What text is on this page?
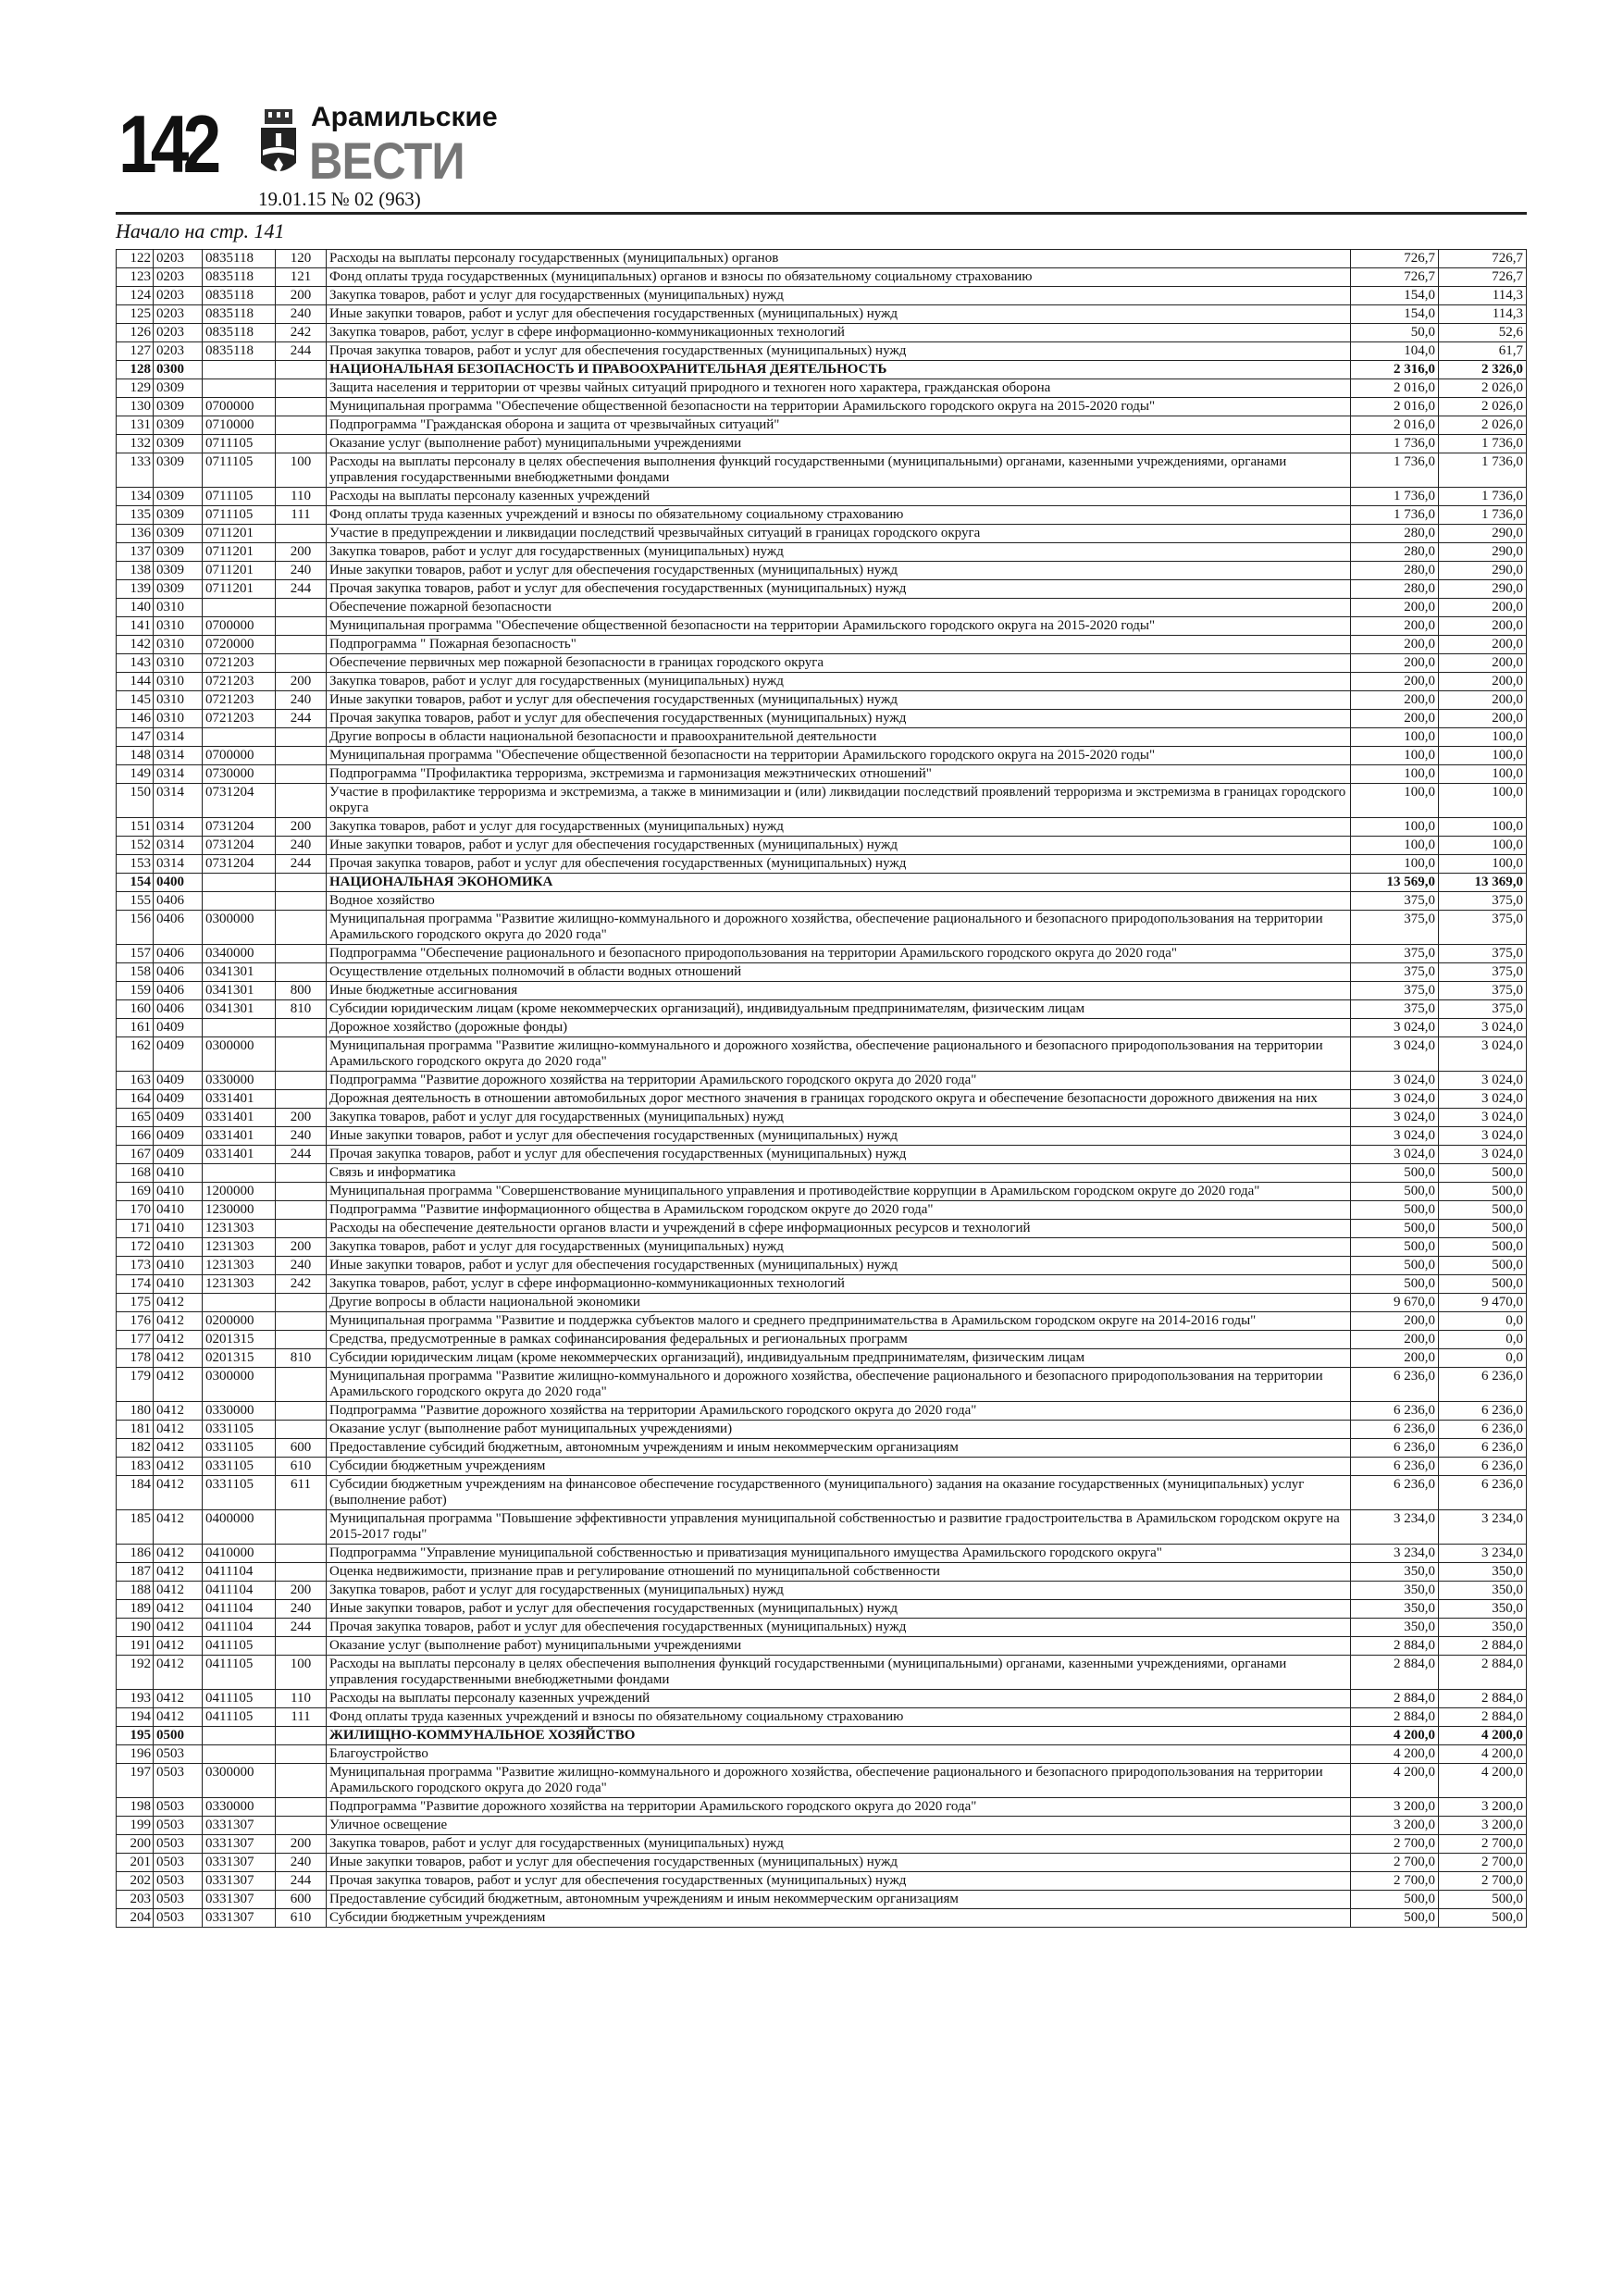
142	Арамильские
ВЕСТИ
19.01.15 № 02 (963)
Начало на стр. 141
122	0203	0835118	120	Расходы на выплаты персоналу государственных (муниципальных) органов	726,7	726,7
123	0203	0835118	121	Фонд оплаты труда государственных (муниципальных) органов и взносы по обязательному социальному страхованию	726,7	726,7
124	0203	0835118	200	Закупка товаров, работ и услуг для государственных (муниципальных) нужд	154,0	114,3
125	0203	0835118	240	Иные закупки товаров, работ и услуг для обеспечения государственных (муниципальных) нужд	154,0	114,3
126	0203	0835118	242	Закупка товаров, работ, услуг в сфере информационно-коммуникационных технологий	50,0	52,6
127	0203	0835118	244	Прочая закупка товаров, работ и услуг для обеспечения государственных (муниципальных) нужд	104,0	61,7
128	0300			НАЦИОНАЛЬНАЯ БЕЗОПАСНОСТЬ И ПРАВООХРАНИТЕЛЬНАЯ ДЕЯТЕЛЬНОСТЬ	2 316,0	2 326,0
129	0309			Защита населения и территории от чрезвы чайных ситуаций природного и техноген ного характера, гражданская оборона	2 016,0	2 026,0
130	0309	0700000		Муниципальная программа "Обеспечение общественной безопасности на территории Арамильского городского округа на 2015-2020 годы"	2 016,0	2 026,0
131	0309	0710000		Подпрограмма "Гражданская оборона и защита от чрезвычайных ситуаций"	2 016,0	2 026,0
132	0309	0711105		Оказание услуг (выполнение работ) муниципальными учреждениями	1 736,0	1 736,0
133	0309	0711105	100	Расходы на выплаты персоналу в целях обеспечения выполнения функций государственными (муниципальными) органами, казенными учреждениями, органами управления государственными внебюджетными фондами	1 736,0	1 736,0
134	0309	0711105	110	Расходы на выплаты персоналу казенных учреждений	1 736,0	1 736,0
135	0309	0711105	111	Фонд оплаты труда казенных учреждений и взносы по обязательному социальному страхованию	1 736,0	1 736,0
136	0309	0711201		Участие в предупреждении и ликвидации последствий чрезвычайных ситуаций в границах городского округа	280,0	290,0
137	0309	0711201	200	Закупка товаров, работ и услуг для государственных (муниципальных) нужд	280,0	290,0
138	0309	0711201	240	Иные закупки товаров, работ и услуг для обеспечения государственных (муниципальных) нужд	280,0	290,0
139	0309	0711201	244	Прочая закупка товаров, работ и услуг для обеспечения государственных (муниципальных) нужд	280,0	290,0
140	0310			Обеспечение пожарной безопасности	200,0	200,0
141	0310	0700000		Муниципальная программа "Обеспечение общественной безопасности на территории Арамильского городского округа на 2015-2020 годы"	200,0	200,0
142	0310	0720000		Подпрограмма " Пожарная безопасность"	200,0	200,0
143	0310	0721203		Обеспечение первичных мер пожарной безопасности в границах городского округа	200,0	200,0
144	0310	0721203	200	Закупка товаров, работ и услуг для государственных (муниципальных) нужд	200,0	200,0
145	0310	0721203	240	Иные закупки товаров, работ и услуг для обеспечения государственных (муниципальных) нужд	200,0	200,0
146	0310	0721203	244	Прочая закупка товаров, работ и услуг для обеспечения государственных (муниципальных) нужд	200,0	200,0
147	0314			Другие вопросы в области национальной безопасности и правоохранительной деятельности	100,0	100,0
148	0314	0700000		Муниципальная программа "Обеспечение общественной безопасности на территории Арамильского городского округа на 2015-2020 годы"	100,0	100,0
149	0314	0730000		Подпрограмма "Профилактика терроризма, экстремизма и гармонизация межэтнических отношений"	100,0	100,0
150	0314	0731204		Участие в профилактике терроризма и экстремизма, а также в минимизации и (или) ликвидации последствий проявлений терроризма и экстремизма в границах городского округа	100,0	100,0
151	0314	0731204	200	Закупка товаров, работ и услуг для государственных (муниципальных) нужд	100,0	100,0
152	0314	0731204	240	Иные закупки товаров, работ и услуг для обеспечения государственных (муниципальных) нужд	100,0	100,0
153	0314	0731204	244	Прочая закупка товаров, работ и услуг для обеспечения государственных (муниципальных) нужд	100,0	100,0
154	0400			НАЦИОНАЛЬНАЯ ЭКОНОМИКА	13 569,0	13 369,0
155	0406			Водное хозяйство	375,0	375,0
156	0406	0300000		Муниципальная программа "Развитие жилищно-коммунального и дорожного хозяйства, обеспечение рационального и безопасного природопользования на территории Арамильского городского округа до 2020 года"	375,0	375,0
157	0406	0340000		Подпрограмма "Обеспечение рационального и безопасного природопользования на территории Арамильского городского округа до 2020 года"	375,0	375,0
158	0406	0341301		Осуществление отдельных полномочий в области водных отношений	375,0	375,0
159	0406	0341301	800	Иные бюджетные ассигнования	375,0	375,0
160	0406	0341301	810	Субсидии юридическим лицам (кроме некоммерческих организаций), индивидуальным предпринимателям, физическим лицам	375,0	375,0
161	0409			Дорожное хозяйство (дорожные фонды)	3 024,0	3 024,0
162	0409	0300000		Муниципальная программа "Развитие жилищно-коммунального и дорожного хозяйства, обеспечение рационального и безопасного природопользования на территории Арамильского городского округа до 2020 года"	3 024,0	3 024,0
163	0409	0330000		Подпрограмма "Развитие дорожного хозяйства на территории Арамильского городского округа до 2020 года"	3 024,0	3 024,0
164	0409	0331401		Дорожная деятельность в отношении автомобильных дорог местного значения в границах городского округа и обеспечение безопасности дорожного движения на них	3 024,0	3 024,0
165	0409	0331401	200	Закупка товаров, работ и услуг для государственных (муниципальных) нужд	3 024,0	3 024,0
166	0409	0331401	240	Иные закупки товаров, работ и услуг для обеспечения государственных (муниципальных) нужд	3 024,0	3 024,0
167	0409	0331401	244	Прочая закупка товаров, работ и услуг для обеспечения государственных (муниципальных) нужд	3 024,0	3 024,0
168	0410			Связь и информатика	500,0	500,0
169	0410	1200000		Муниципальная программа "Совершенствование муниципального управления и противодействие коррупции в Арамильском городском округе до 2020 года"	500,0	500,0
170	0410	1230000		Подпрограмма "Развитие информационного общества в Арамильском городском округе до 2020 года"	500,0	500,0
171	0410	1231303		Расходы на обеспечение деятельности органов власти и учреждений в сфере информационных ресурсов и технологий	500,0	500,0
172	0410	1231303	200	Закупка товаров, работ и услуг для государственных (муниципальных) нужд	500,0	500,0
173	0410	1231303	240	Иные закупки товаров, работ и услуг для обеспечения государственных (муниципальных) нужд	500,0	500,0
174	0410	1231303	242	Закупка товаров, работ, услуг в сфере информационно-коммуникационных технологий	500,0	500,0
175	0412			Другие вопросы в области национальной экономики	9 670,0	9 470,0
176	0412	0200000		Муниципальная программа "Развитие и поддержка субъектов малого и среднего предпринимательства в Арамильском городском округе на 2014-2016 годы"	200,0	0,0
177	0412	0201315		Средства, предусмотренные в рамках софинансирования федеральных и региональных программ	200,0	0,0
178	0412	0201315	810	Субсидии юридическим лицам (кроме некоммерческих организаций), индивидуальным предпринимателям, физическим лицам	200,0	0,0
179	0412	0300000		Муниципальная программа "Развитие жилищно-коммунального и дорожного хозяйства, обеспечение рационального и безопасного природопользования на территории Арамильского городского округа до 2020 года"	6 236,0	6 236,0
180	0412	0330000		Подпрограмма "Развитие дорожного хозяйства на территории Арамильского городского округа до 2020 года"	6 236,0	6 236,0
181	0412	0331105		Оказание услуг (выполнение работ муниципальных учреждениями)	6 236,0	6 236,0
182	0412	0331105	600	Предоставление субсидий бюджетным, автономным учреждениям и иным некоммерческим организациям	6 236,0	6 236,0
183	0412	0331105	610	Субсидии бюджетным учреждениям	6 236,0	6 236,0
184	0412	0331105	611	Субсидии бюджетным учреждениям на финансовое обеспечение государственного (муниципального) задания на оказание государственных (муниципальных) услуг (выполнение работ)	6 236,0	6 236,0
185	0412	0400000		Муниципальная программа "Повышение эффективности управления муниципальной собственностью и развитие градостроительства в Арамильском городском округе на 2015-2017 годы"	3 234,0	3 234,0
186	0412	0410000		Подпрограмма "Управление муниципальной собственностью и приватизация муниципального имущества Арамильского городского округа"	3 234,0	3 234,0
187	0412	0411104		Оценка недвижимости, признание прав и регулирование отношений по муниципальной собственности	350,0	350,0
188	0412	0411104	200	Закупка товаров, работ и услуг для государственных (муниципальных) нужд	350,0	350,0
189	0412	0411104	240	Иные закупки товаров, работ и услуг для обеспечения государственных (муниципальных) нужд	350,0	350,0
190	0412	0411104	244	Прочая закупка товаров, работ и услуг для обеспечения государственных (муниципальных) нужд	350,0	350,0
191	0412	0411105		Оказание услуг (выполнение работ) муниципальными учреждениями	2 884,0	2 884,0
192	0412	0411105	100	Расходы на выплаты персоналу в целях обеспечения выполнения функций государственными (муниципальными) органами, казенными учреждениями, органами управления государственными внебюджетными фондами	2 884,0	2 884,0
193	0412	0411105	110	Расходы на выплаты персоналу казенных учреждений	2 884,0	2 884,0
194	0412	0411105	111	Фонд оплаты труда казенных учреждений и взносы по обязательному социальному страхованию	2 884,0	2 884,0
195	0500			ЖИЛИЩНО-КОММУНАЛЬНОЕ ХОЗЯЙСТВО	4 200,0	4 200,0
196	0503			Благоустройство	4 200,0	4 200,0
197	0503	0300000		Муниципальная программа "Развитие жилищно-коммунального и дорожного хозяйства, обеспечение рационального и безопасного природопользования на территории Арамильского городского округа до 2020 года"	4 200,0	4 200,0
198	0503	0330000		Подпрограмма "Развитие дорожного хозяйства на территории Арамильского городского округа до 2020 года"	3 200,0	3 200,0
199	0503	0331307		Уличное освещение	3 200,0	3 200,0
200	0503	0331307	200	Закупка товаров, работ и услуг для государственных (муниципальных) нужд	2 700,0	2 700,0
201	0503	0331307	240	Иные закупки товаров, работ и услуг для обеспечения государственных (муниципальных) нужд	2 700,0	2 700,0
202	0503	0331307	244	Прочая закупка товаров, работ и услуг для обеспечения государственных (муниципальных) нужд	2 700,0	2 700,0
203	0503	0331307	600	Предоставление субсидий бюджетным, автономным учреждениям и иным некоммерческим организациям	500,0	500,0
204	0503	0331307	610	Субсидии бюджетным учреждениям	500,0	500,0
